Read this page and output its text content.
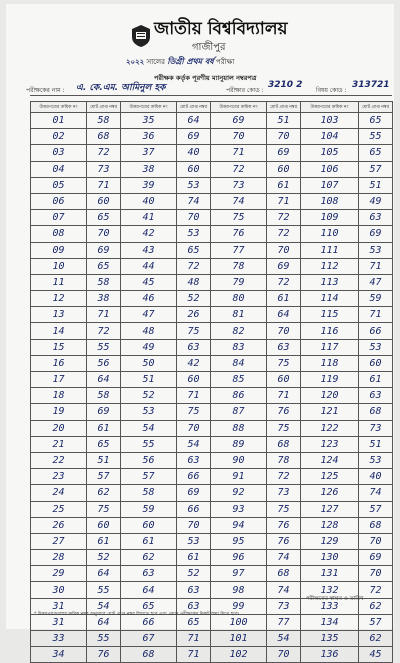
জাতীয় বিশ্ববিদ্যালয়
গাজীপুর
২০২২ সালের ডিগ্রী প্রথম বর্ষ পরীক্ষা
পরীক্ষক কর্তৃক পূরণীয় ম্যানুয়াল নম্বরপত্র
পরীক্ষকের নাম : এ. কে.এম. আমিনুল হক	পরীক্ষার কোড :
3210 2
বিষয় কোড :
313721
উত্তরপত্রের ক্রমিক নং	মোট প্রাপ্ত নম্বর	উত্তরপত্রের ক্রমিক নং	মোট প্রাপ্ত নম্বর	উত্তরপত্রের ক্রমিক নং	মোট প্রাপ্ত নম্বর	উত্তরপত্রের ক্রমিক নং	মোট প্রাপ্ত নম্বর
01	58	35	64	69	51	103	65
02	68	36	69	70	70	104	55
03	72	37	40	71	69	105	65
04	73	38	60	72	60	106	57
05	71	39	53	73	61	107	51
06	60	40	74	74	71	108	49
07	65	41	70	75	72	109	63
08	70	42	53	76	72	110	69
09	69	43	65	77	70	111	53
10	65	44	72	78	69	112	71
11	58	45	48	79	72	113	47
12	38	46	52	80	61	114	59
13	71	47	26	81	64	115	71
14	72	48	75	82	70	116	66
15	55	49	63	83	63	117	53
16	56	50	42	84	75	118	60
17	64	51	60	85	60	119	61
18	58	52	71	86	71	120	63
19	69	53	75	87	76	121	68
20	61	54	70	88	75	122	73
21	65	55	54	89	68	123	51
22	51	56	63	90	78	124	53
23	57	57	66	91	72	125	40
24	62	58	69	92	73	126	74
25	75	59	66	93	75	127	57
26	60	60	70	94	76	128	68
27	61	61	53	95	76	129	70
28	52	62	61	96	74	130	69
29	64	63	52	97	68	131	70
30	55	64	63	98	74	132	72
31	54	65	63	99	73	133	62
31	64	66	65	100	77	134	57
33	55	67	71	101	54	135	62
34	76	68	71	102	70	136	45
পরীক্ষকের স্বাক্ষর ও তারিখ
* উত্তরপত্রগুলোর ক্রমিক নম্বর অনুসারে মোট প্রাপ্ত নম্বর লিখতে হবে এবং প্রধান পরীক্ষকের নিকট জমা দিতে হবে।
